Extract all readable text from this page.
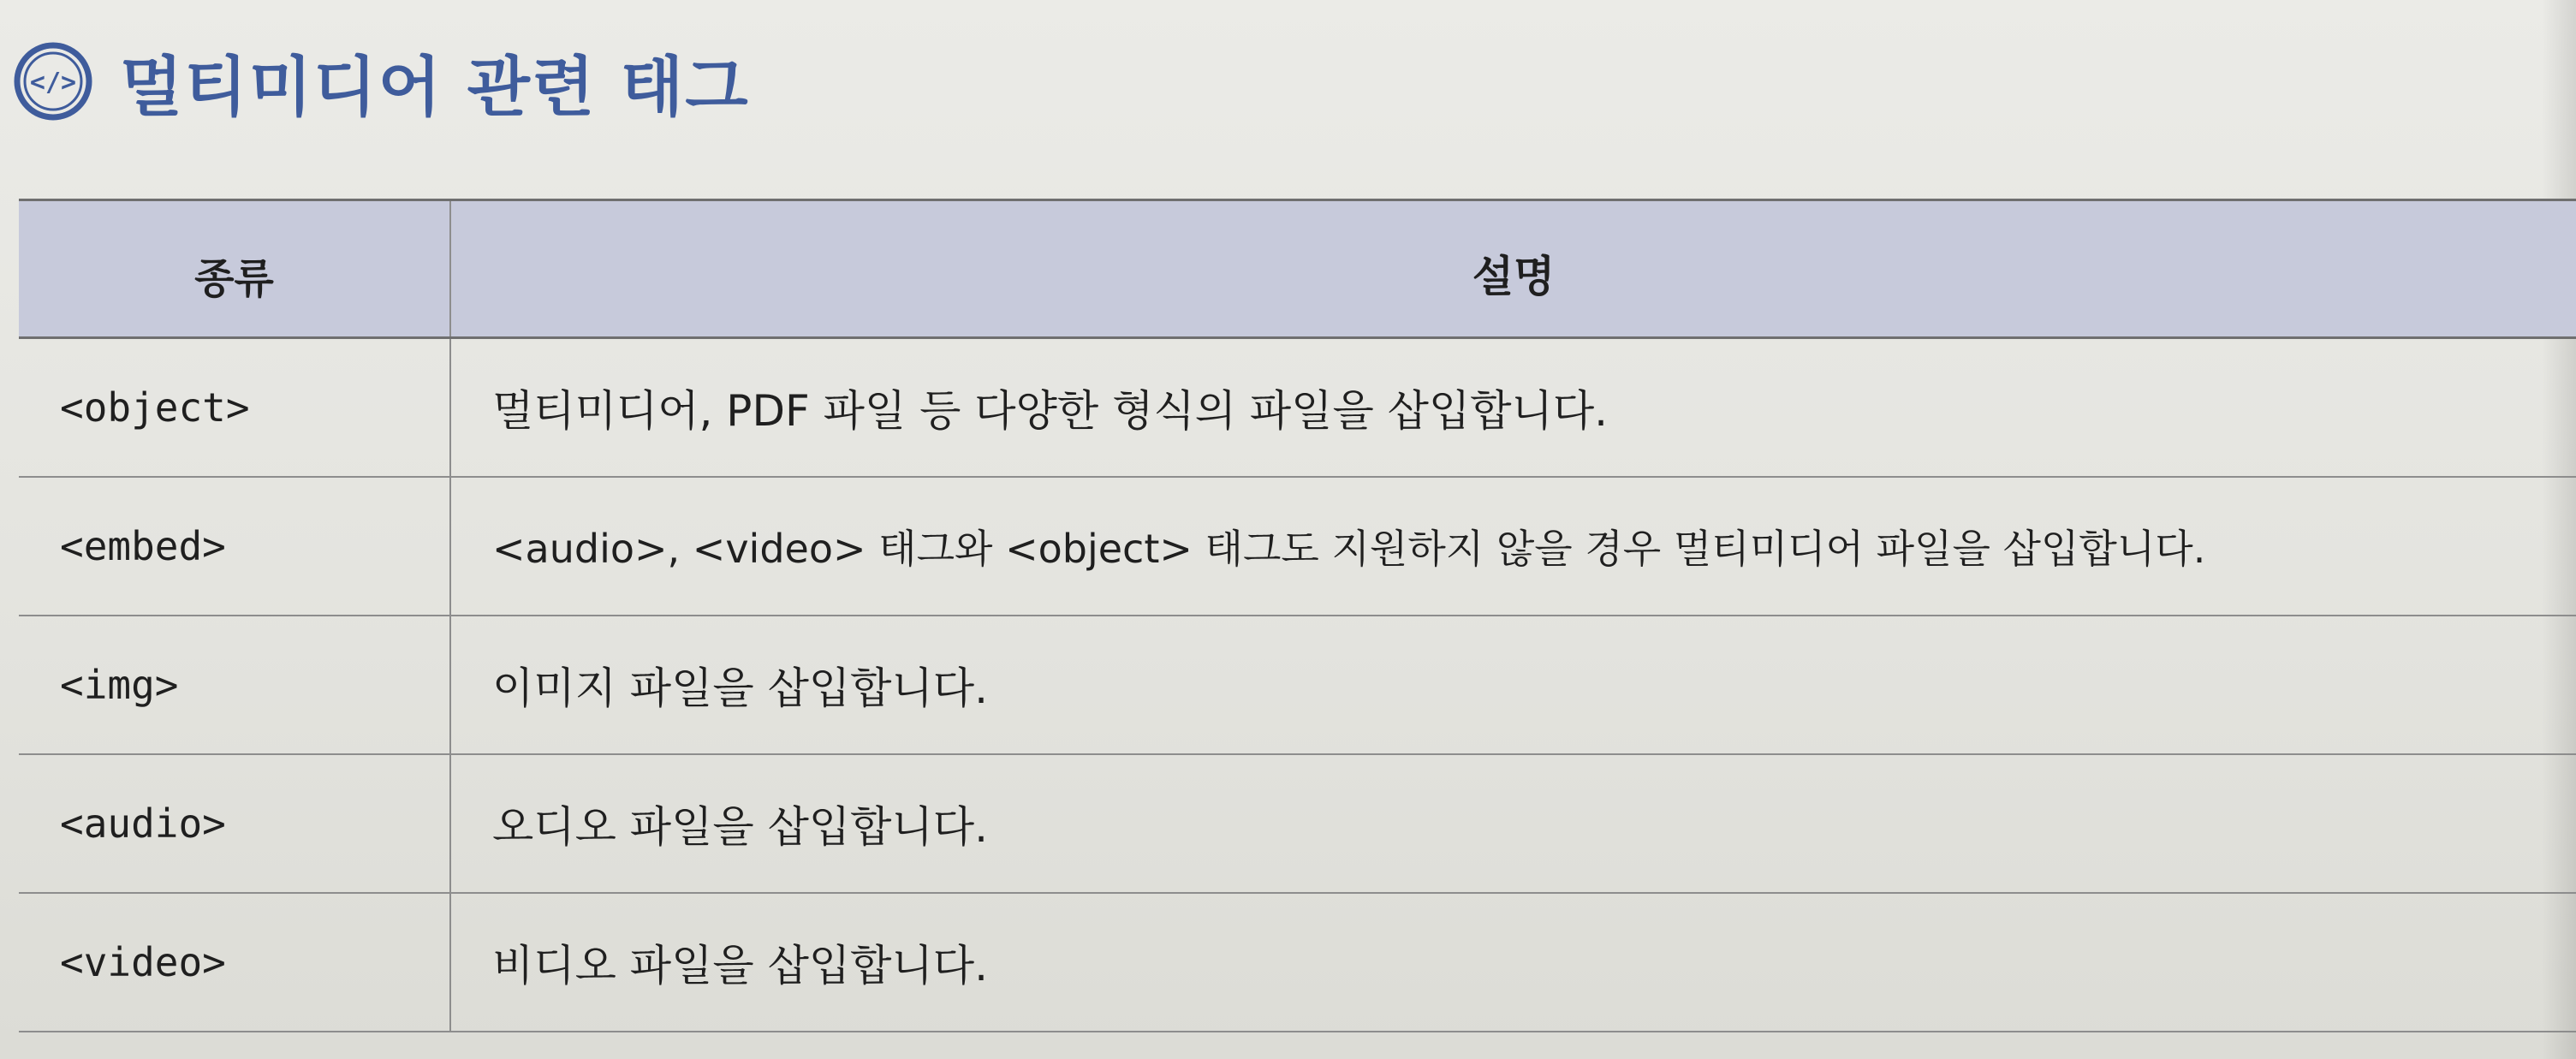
</> 멀티미디어 관련 태그
종류	설명
<object>	멀티미디어, PDF 파일 등 다양한 형식의 파일을 삽입합니다.
<embed>	<audio>, <video> 태그와 <object> 태그도 지원하지 않을 경우 멀티미디어 파일을 삽입합니다.
<img>	이미지 파일을 삽입합니다.
<audio>	오디오 파일을 삽입합니다.
<video>	비디오 파일을 삽입합니다.
